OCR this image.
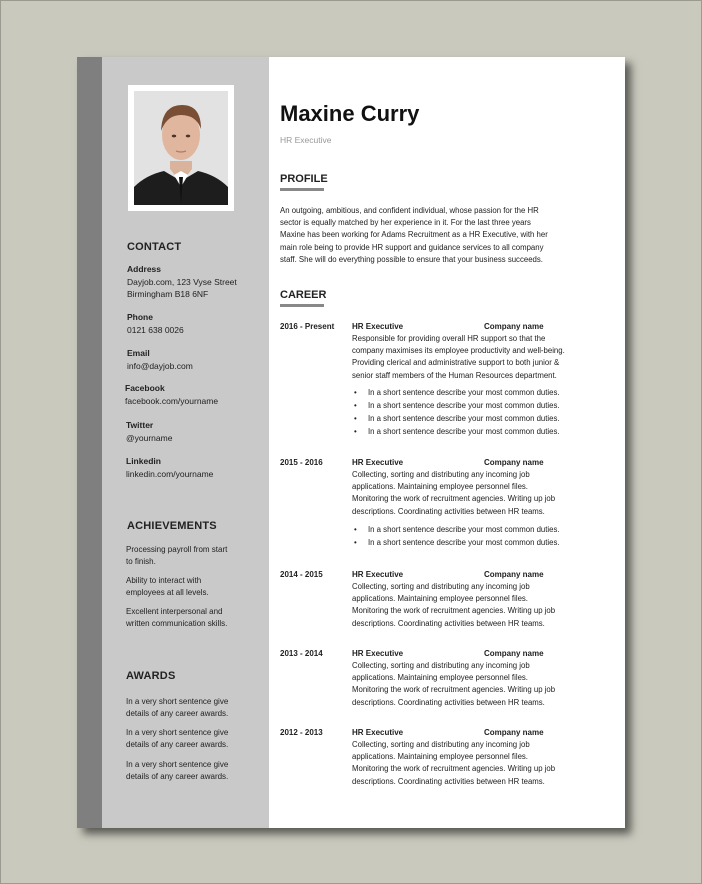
CONTACT
Address
Dayjob.com, 123 Vyse Street
Birmingham B18 6NF
Phone
0121 638 0026
Email
info@dayjob.com
Facebook
facebook.com/yourname
Twitter
@yourname
Linkedin
linkedin.com/yourname
ACHIEVEMENTS
Processing payroll from start
to finish.
Ability to interact with
employees at all levels.
Excellent interpersonal and
written communication skills.
AWARDS
In a very short sentence give
details of any career awards.
In a very short sentence give
details of any career awards.
In a very short sentence give
details of any career awards.
Maxine Curry
HR Executive
PROFILE
An outgoing, ambitious, and confident individual, whose passion for the HR
sector is equally matched by her experience in it. For the last three years
Maxine has been working for Adams Recruitment as a HR Executive, with her
main role being to provide HR support and guidance services to all company
staff. She will do everything possible to ensure that your business succeeds.
CAREER
2016 - Present HR Executive	Company name
Responsible for providing overall HR support so that the
company maximises its employee productivity and well-being.
Providing clerical and administrative support to both junior &
senior staff members of the Human Resources department.
• In a short sentence describe your most common duties.
• In a short sentence describe your most common duties.
• In a short sentence describe your most common duties.
• In a short sentence describe your most common duties.
2015 - 2016	HR Executive	Company name
Collecting, sorting and distributing any incoming job
applications. Maintaining employee personnel files.
Monitoring the work of recruitment agencies. Writing up job
descriptions. Coordinating activities between HR teams.
• In a short sentence describe your most common duties.
• In a short sentence describe your most common duties.
2014 - 2015	HR Executive	Company name
Collecting, sorting and distributing any incoming job
applications. Maintaining employee personnel files.
Monitoring the work of recruitment agencies. Writing up job
descriptions. Coordinating activities between HR teams.
2013 - 2014	HR Executive	Company name
Collecting, sorting and distributing any incoming job
applications. Maintaining employee personnel files.
Monitoring the work of recruitment agencies. Writing up job
descriptions. Coordinating activities between HR teams.
2012 - 2013	HR Executive	Company name
Collecting, sorting and distributing any incoming job
applications. Maintaining employee personnel files.
Monitoring the work of recruitment agencies. Writing up job
descriptions. Coordinating activities between HR teams.
